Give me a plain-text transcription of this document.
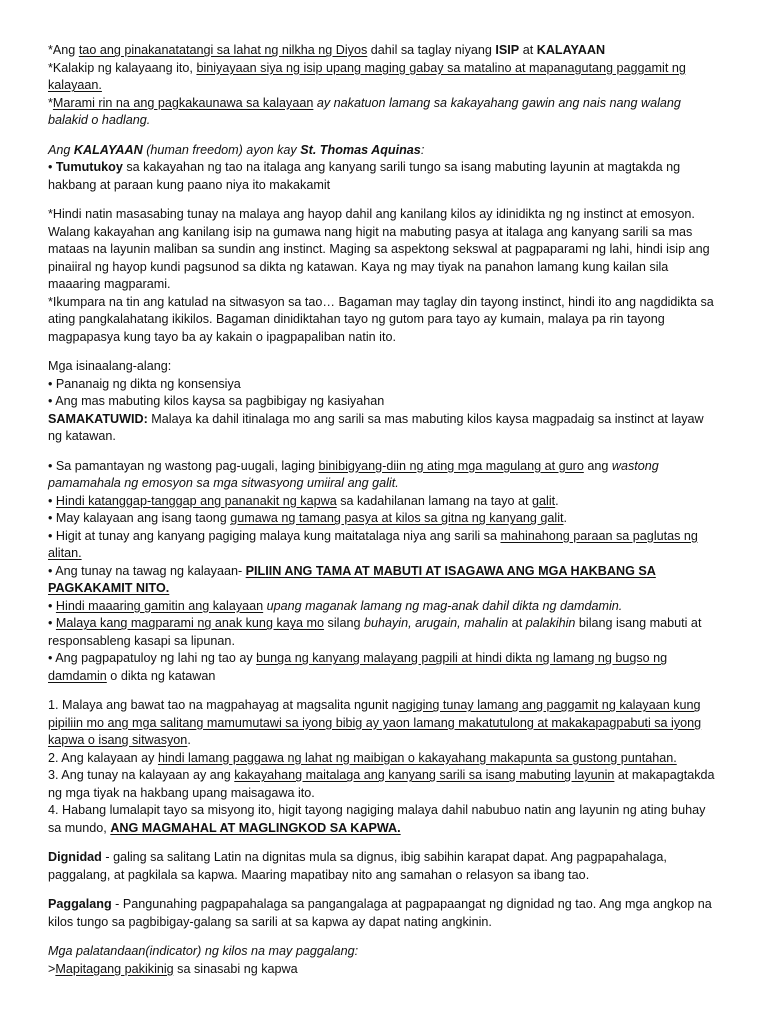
*Ang tao ang pinakanatatangi sa lahat ng nilkha ng Diyos dahil sa taglay niyang ISIP at KALAYAAN

*Kalakip ng kalayaang ito, biniyayaan siya ng isip upang maging gabay sa matalino at mapanagutang paggamit ng kalayaan.

*Marami rin na ang pagkakaunawa sa kalayaan ay nakatuon lamang sa kakayahang gawin ang nais nang walang balakid o hadlang.

Ang KALAYAAN (human freedom) ayon kay St. Thomas Aquinas:

• Tumutukoy sa kakayahan ng tao na italaga ang kanyang sarili tungo sa isang mabuting layunin at magtakda ng hakbang at paraan kung paano niya ito makakamit

*Hindi natin masasabing tunay na malaya ang hayop dahil ang kanilang kilos ay idinidikta ng ng instinct at emosyon. Walang kakayahan ang kanilang isip na gumawa nang higit na mabuting pasya at italaga ang kanyang sarili sa mas mataas na layunin maliban sa sundin ang instinct. Maging sa aspektong sekswal at pagpaparami ng lahi, hindi isip ang pinaiiral ng hayop kundi pagsunod sa dikta ng katawan. Kaya ng may tiyak na panahon lamang kung kailan sila maaaring magparami.

*Ikumpara na tin ang katulad na sitwasyon sa tao… Bagaman may taglay din tayong instinct, hindi ito ang nagdidikta sa ating pangkalahatang ikikilos. Bagaman dinidiktahan tayo ng gutom para tayo ay kumain, malaya pa rin tayong magpapasya kung tayo ba ay kakain o ipagpapaliban natin ito.

Mga isinaalang-alang:

• Pananaig ng dikta ng konsensiya

• Ang mas mabuting kilos kaysa sa pagbibigay ng kasiyahan

SAMAKATUWID: Malaya ka dahil itinalaga mo ang sarili sa mas mabuting kilos kaysa magpadaig sa instinct at layaw ng katawan.

• Sa pamantayan ng wastong pag-uugali, laging binibigyang-diin ng ating mga magulang at guro ang wastong pamamahala ng emosyon sa mga sitwasyong umiiral ang galit.

• Hindi katanggap-tanggap ang pananakit ng kapwa sa kadahilanan lamang na tayo at galit.

• May kalayaan ang isang taong gumawa ng tamang pasya at kilos sa gitna ng kanyang galit.

• Higit at tunay ang kanyang pagiging malaya kung maitatalaga niya ang sarili sa mahinahong paraan sa paglutas ng alitan.

• Ang tunay na tawag ng kalayaan- PILIIN ANG TAMA AT MABUTI AT ISAGAWA ANG MGA HAKBANG SA PAGKAKAMIT NITO.

• Hindi maaaring gamitin ang kalayaan upang maganak lamang ng mag-anak dahil dikta ng damdamin.

• Malaya kang magparami ng anak kung kaya mo silang buhayin, arugain, mahalin at palakihin bilang isang mabuti at responsableng kasapi sa lipunan.

• Ang pagpapatuloy ng lahi ng tao ay bunga ng kanyang malayang pagpili at hindi dikta ng lamang ng bugso ng damdamin o dikta ng katawan

1. Malaya ang bawat tao na magpahayag at magsalita ngunit nagiging tunay lamang ang paggamit ng kalayaan kung pipiliin mo ang mga salitang mamumutawi sa iyong bibig ay yaon lamang makatutulong at makakapagpabuti sa iyong kapwa o isang sitwasyon.

2. Ang kalayaan ay hindi lamang paggawa ng lahat ng maibigan o kakayahang makapunta sa gustong puntahan.

3. Ang tunay na kalayaan ay ang kakayahang maitalaga ang kanyang sarili sa isang mabuting layunin at makapagtakda ng mga tiyak na hakbang upang maisagawa ito.

4. Habang lumalapit tayo sa misyong ito, higit tayong nagiging malaya dahil nabubuo natin ang layunin ng ating buhay sa mundo, ANG MAGMAHAL AT MAGLINGKOD SA KAPWA.

Dignidad - galing sa salitang Latin na dignitas mula sa dignus, ibig sabihin karapat dapat. Ang pagpapahalaga, paggalang, at pagkilala sa kapwa. Maaring mapatibay nito ang samahan o relasyon sa ibang tao.

Paggalang - Pangunahing pagpapahalaga sa pangangalaga at pagpapaangat ng dignidad ng tao. Ang mga angkop na kilos tungo sa pagbibigay-galang sa sarili at sa kapwa ay dapat nating angkinin.

Mga palatandaan(indicator) ng kilos na may paggalang:

>Mapitagang pakikinig sa sinasabi ng kapwa
